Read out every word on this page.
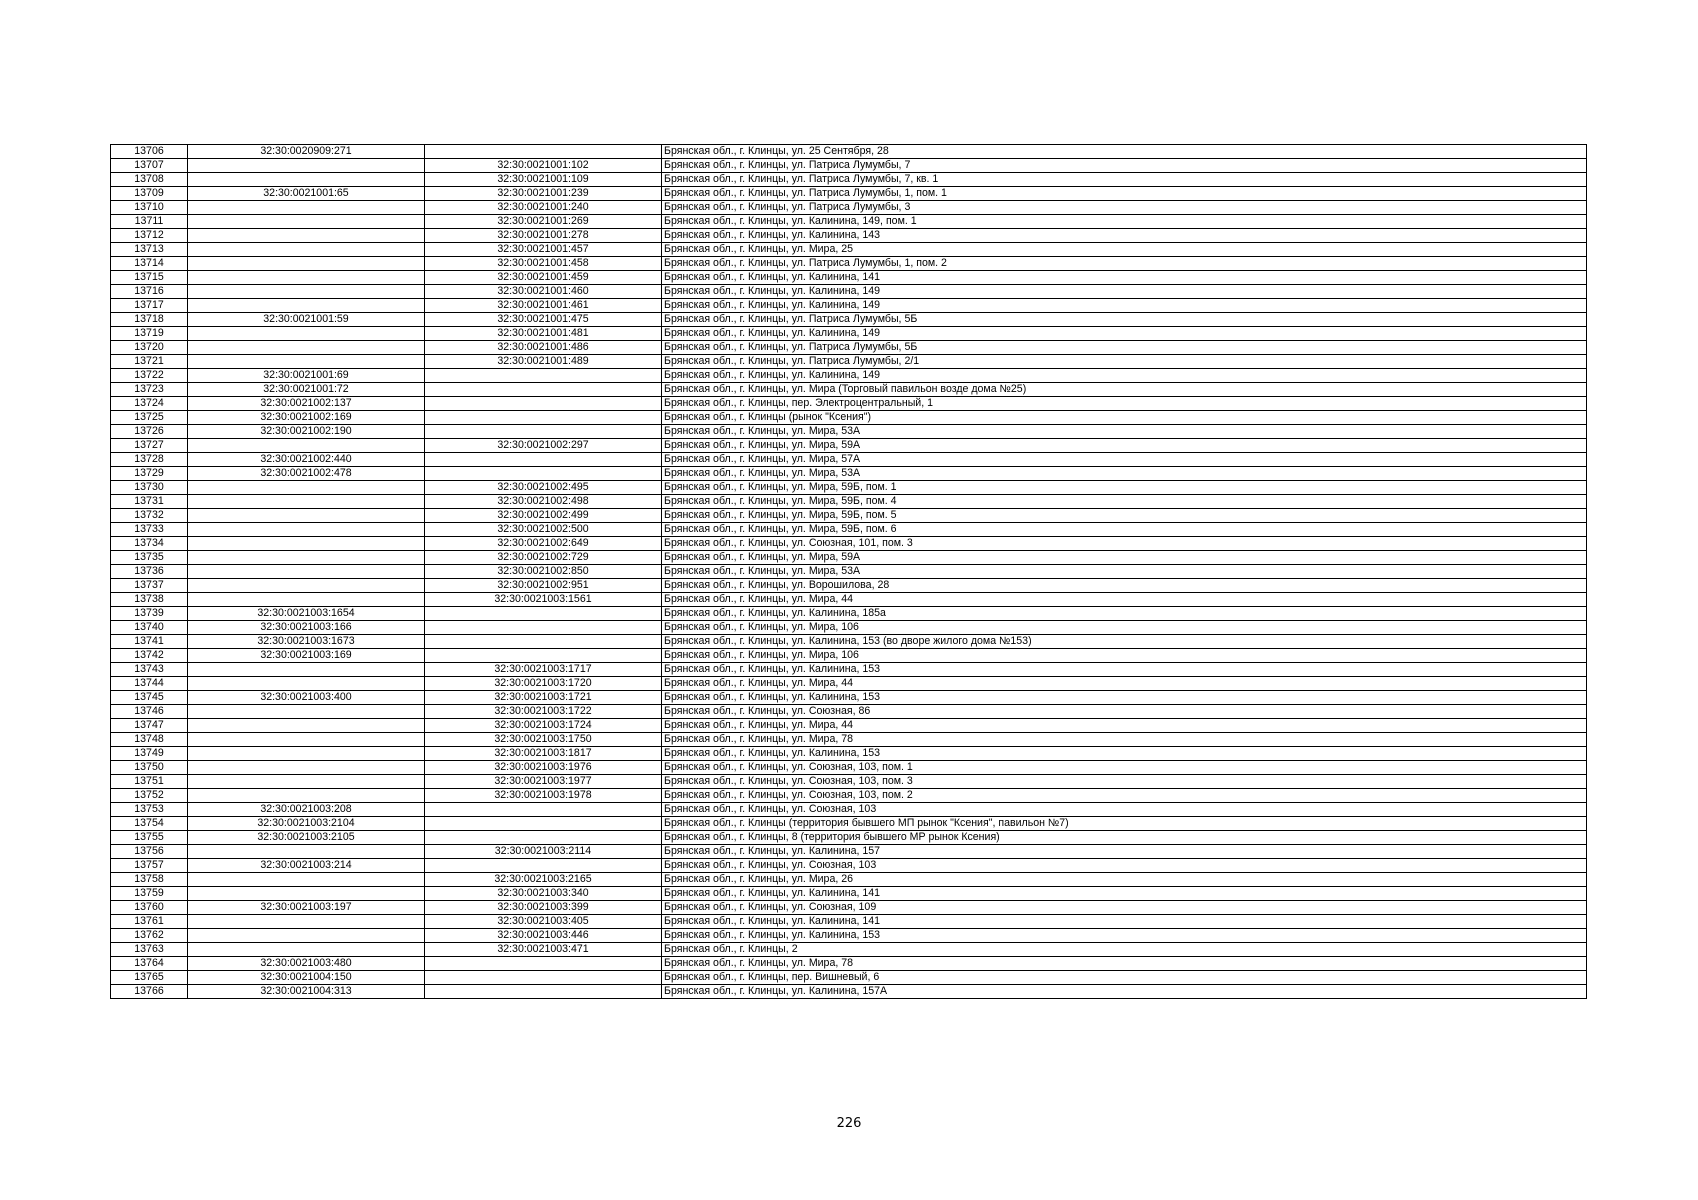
13706	32:30:0020909:271		Брянская обл., г. Клинцы, ул. 25 Сентября, 28
13707		32:30:0021001:102	Брянская обл., г. Клинцы, ул. Патриса Лумумбы, 7
13708		32:30:0021001:109	Брянская обл., г. Клинцы, ул. Патриса Лумумбы, 7, кв. 1
13709	32:30:0021001:65	32:30:0021001:239	Брянская обл., г. Клинцы, ул. Патриса Лумумбы, 1, пом. 1
13710		32:30:0021001:240	Брянская обл., г. Клинцы, ул. Патриса Лумумбы, 3
13711		32:30:0021001:269	Брянская обл., г. Клинцы, ул. Калинина, 149, пом. 1
13712		32:30:0021001:278	Брянская обл., г. Клинцы, ул. Калинина, 143
13713		32:30:0021001:457	Брянская обл., г. Клинцы, ул. Мира, 25
13714		32:30:0021001:458	Брянская обл., г. Клинцы, ул. Патриса Лумумбы, 1, пом. 2
13715		32:30:0021001:459	Брянская обл., г. Клинцы, ул. Калинина, 141
13716		32:30:0021001:460	Брянская обл., г. Клинцы, ул. Калинина, 149
13717		32:30:0021001:461	Брянская обл., г. Клинцы, ул. Калинина, 149
13718	32:30:0021001:59	32:30:0021001:475	Брянская обл., г. Клинцы, ул. Патриса Лумумбы, 5Б
13719		32:30:0021001:481	Брянская обл., г. Клинцы, ул. Калинина, 149
13720		32:30:0021001:486	Брянская обл., г. Клинцы, ул. Патриса Лумумбы, 5Б
13721		32:30:0021001:489	Брянская обл., г. Клинцы, ул. Патриса Лумумбы, 2/1
13722	32:30:0021001:69		Брянская обл., г. Клинцы, ул. Калинина, 149
13723	32:30:0021001:72		Брянская обл., г. Клинцы, ул. Мира (Торговый павильон возде дома №25)
13724	32:30:0021002:137		Брянская обл., г. Клинцы, пер. Электроцентральный, 1
13725	32:30:0021002:169		Брянская обл., г. Клинцы (рынок "Ксения")
13726	32:30:0021002:190		Брянская обл., г. Клинцы, ул. Мира, 53А
13727		32:30:0021002:297	Брянская обл., г. Клинцы, ул. Мира, 59А
13728	32:30:0021002:440		Брянская обл., г. Клинцы, ул. Мира, 57А
13729	32:30:0021002:478		Брянская обл., г. Клинцы, ул. Мира, 53А
13730		32:30:0021002:495	Брянская обл., г. Клинцы, ул. Мира, 59Б, пом. 1
13731		32:30:0021002:498	Брянская обл., г. Клинцы, ул. Мира, 59Б, пом. 4
13732		32:30:0021002:499	Брянская обл., г. Клинцы, ул. Мира, 59Б, пом. 5
13733		32:30:0021002:500	Брянская обл., г. Клинцы, ул. Мира, 59Б, пом. 6
13734		32:30:0021002:649	Брянская обл., г. Клинцы, ул. Союзная, 101, пом. 3
13735		32:30:0021002:729	Брянская обл., г. Клинцы, ул. Мира, 59А
13736		32:30:0021002:850	Брянская обл., г. Клинцы, ул. Мира, 53А
13737		32:30:0021002:951	Брянская обл., г. Клинцы, ул. Ворошилова, 28
13738		32:30:0021003:1561	Брянская обл., г. Клинцы, ул. Мира, 44
13739	32:30:0021003:1654		Брянская обл., г. Клинцы, ул. Калинина, 185а
13740	32:30:0021003:166		Брянская обл., г. Клинцы, ул. Мира, 106
13741	32:30:0021003:1673		Брянская обл., г. Клинцы, ул. Калинина, 153 (во дворе жилого дома №153)
13742	32:30:0021003:169		Брянская обл., г. Клинцы, ул. Мира, 106
13743		32:30:0021003:1717	Брянская обл., г. Клинцы, ул. Калинина, 153
13744		32:30:0021003:1720	Брянская обл., г. Клинцы, ул. Мира, 44
13745	32:30:0021003:400	32:30:0021003:1721	Брянская обл., г. Клинцы, ул. Калинина, 153
13746		32:30:0021003:1722	Брянская обл., г. Клинцы, ул. Союзная, 86
13747		32:30:0021003:1724	Брянская обл., г. Клинцы, ул. Мира, 44
13748		32:30:0021003:1750	Брянская обл., г. Клинцы, ул. Мира, 78
13749		32:30:0021003:1817	Брянская обл., г. Клинцы, ул. Калинина, 153
13750		32:30:0021003:1976	Брянская обл., г. Клинцы, ул. Союзная, 103, пом. 1
13751		32:30:0021003:1977	Брянская обл., г. Клинцы, ул. Союзная, 103, пом. 3
13752		32:30:0021003:1978	Брянская обл., г. Клинцы, ул. Союзная, 103, пом. 2
13753	32:30:0021003:208		Брянская обл., г. Клинцы, ул. Союзная, 103
13754	32:30:0021003:2104		Брянская обл., г. Клинцы (территория бывшего МП рынок "Ксения", павильон №7)
13755	32:30:0021003:2105		Брянская обл., г. Клинцы, 8 (территория бывшего МР рынок Ксения)
13756		32:30:0021003:2114	Брянская обл., г. Клинцы, ул. Калинина, 157
13757	32:30:0021003:214		Брянская обл., г. Клинцы, ул. Союзная, 103
13758		32:30:0021003:2165	Брянская обл., г. Клинцы, ул. Мира, 26
13759		32:30:0021003:340	Брянская обл., г. Клинцы, ул. Калинина, 141
13760	32:30:0021003:197	32:30:0021003:399	Брянская обл., г. Клинцы, ул. Союзная, 109
13761		32:30:0021003:405	Брянская обл., г. Клинцы, ул. Калинина, 141
13762		32:30:0021003:446	Брянская обл., г. Клинцы, ул. Калинина, 153
13763		32:30:0021003:471	Брянская обл., г. Клинцы, 2
13764	32:30:0021003:480		Брянская обл., г. Клинцы, ул. Мира, 78
13765	32:30:0021004:150		Брянская обл., г. Клинцы, пер. Вишневый, 6
13766	32:30:0021004:313		Брянская обл., г. Клинцы, ул. Калинина, 157А
226
